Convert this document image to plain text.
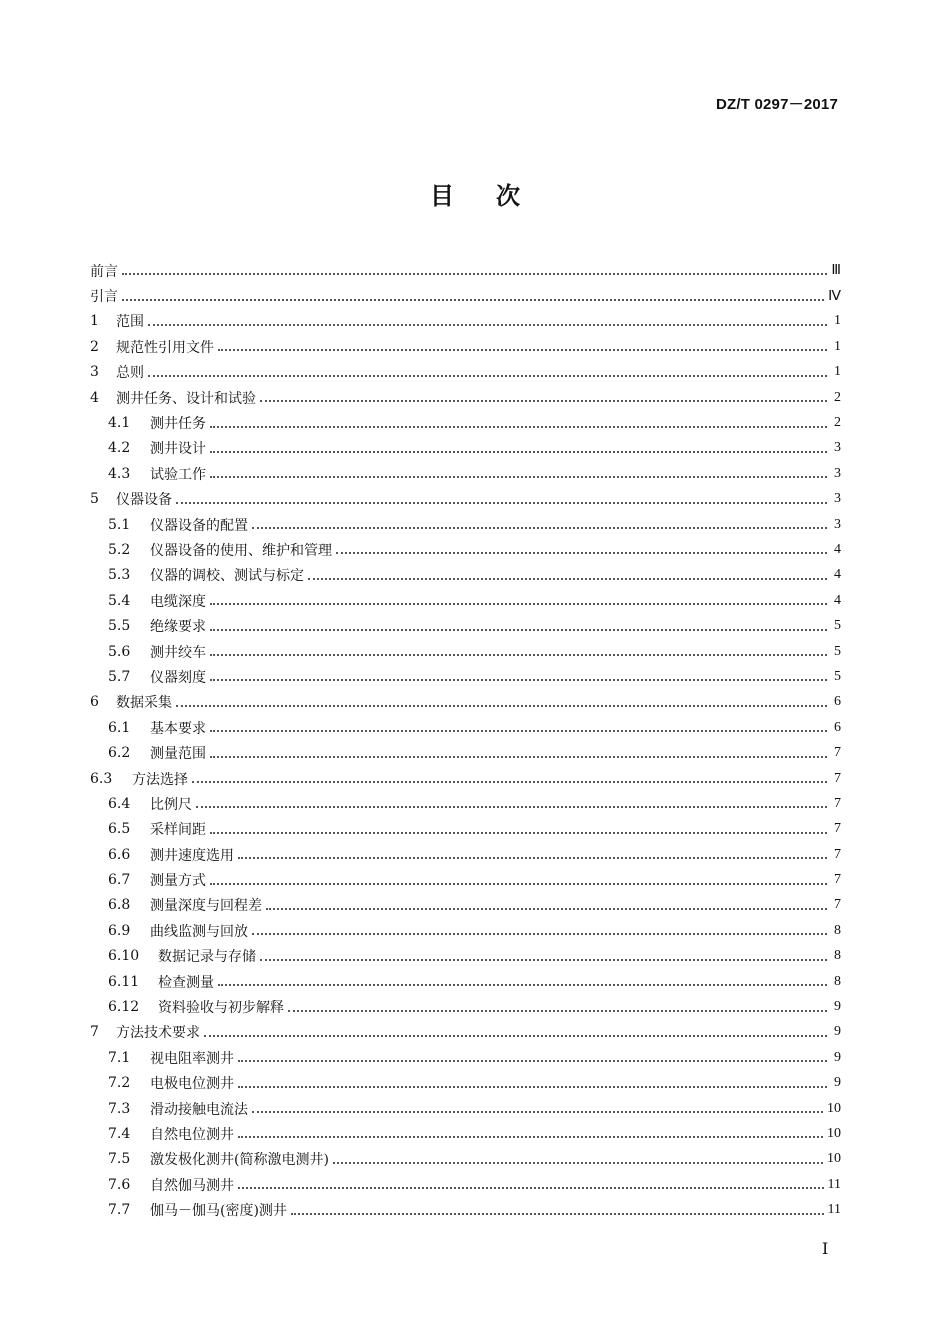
DZ/T 0297－2017
目次
前言	Ⅲ
引言	Ⅳ
1 范围	1
2 规范性引用文件	1
3 总则	1
4 测井任务、设计和试验	2
4.1	测井任务	2
4.2	测井设计	3
4.3	试验工作	3
5 仪器设备	3
5.1	仪器设备的配置	3
5.2	仪器设备的使用、维护和管理	4
5.3	仪器的调校、测试与标定	4
5.4	电缆深度	4
5.5	绝缘要求	5
5.6	测井绞车	5
5.7	仪器刻度	5
6 数据采集	6
6.1	基本要求	6
6.2	测量范围	7
6.3	方法选择	7
6.4	比例尺	7
6.5	采样间距	7
6.6	测井速度选用	7
6.7	测量方式	7
6.8	测量深度与回程差	7
6.9	曲线监测与回放	8
6.10	数据记录与存储	8
6.11	检查测量	8
6.12	资料验收与初步解释	9
7 方法技术要求	9
7.1	视电阻率测井	9
7.2	电极电位测井	9
7.3	滑动接触电流法	10
7.4	自然电位测井	10
7.5	激发极化测井(简称激电测井)	10
7.6	自然伽马测井	11
7.7	伽马－伽马(密度)测井	11
Ⅰ
